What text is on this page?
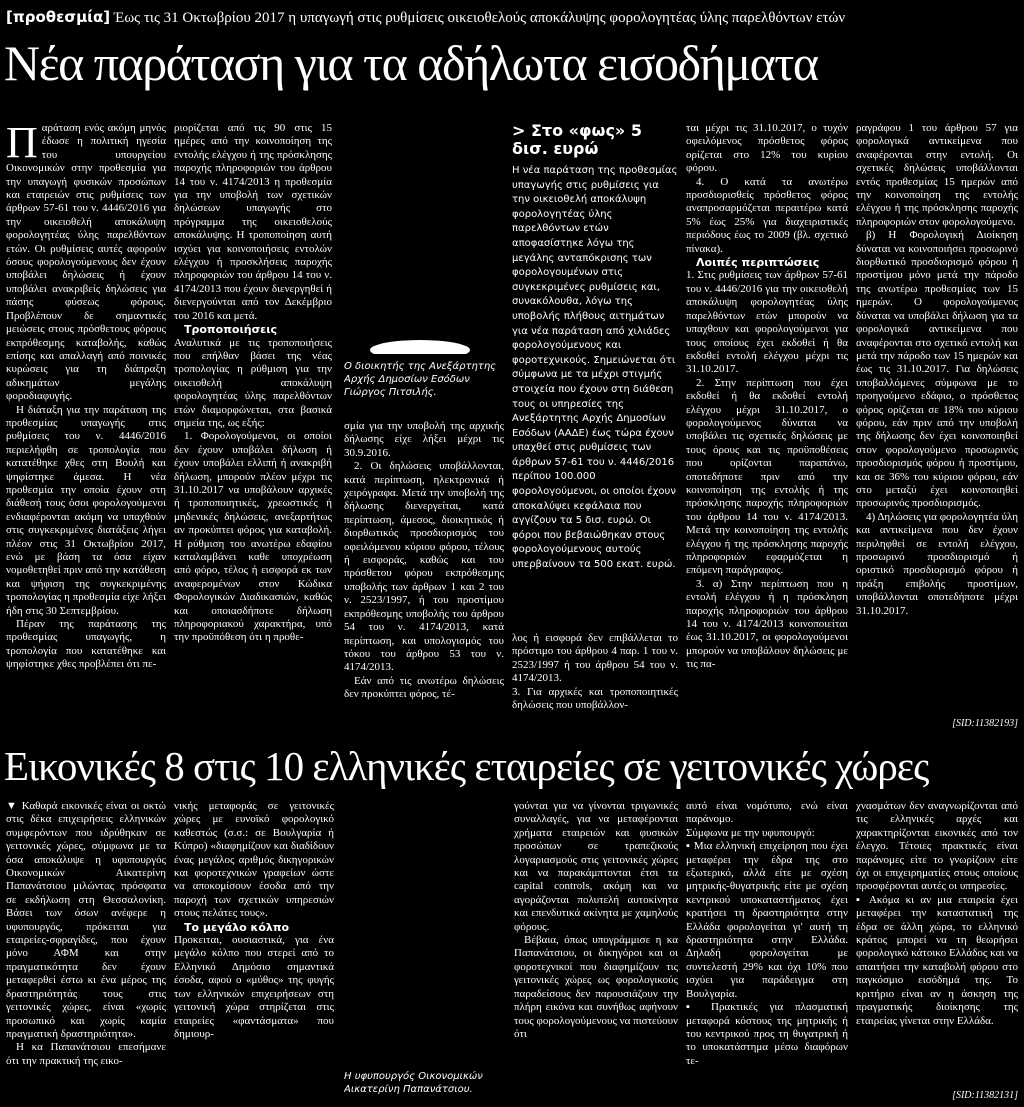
[προθεσμία] Έως τις 31 Οκτωβρίου 2017 η υπαγωγή στις ρυθμίσεις οικειοθελούς αποκάλυψης φορολογητέας ύλης παρελθόντων ετών
Νέα παράταση για τα αδήλωτα εισοδήματα
Π αράταση ενός ακόμη μηνός έδωσε η πολιτική ηγεσία του υπουργείου Οικονομικών στην προθεσμία για την υπαγωγή φυσικών προσώπων και εταιρειών στις ρυθμίσεις των άρθρων 57-61 του ν. 4446/2016 για την οικειοθελή αποκάλυψη φορολογητέας ύλης παρελθόντων ετών. Οι ρυθμίσεις αυτές αφορούν όσους φορολογούμενους δεν έχουν υποβάλει δηλώσεις ή έχουν υποβάλει ανακριβείς δηλώσεις για πάσης φύσεως φόρους. Προβλέπουν δε σημαντικές μειώσεις στους πρόσθετους φόρους εκπρόθεσμης καταβολής, καθώς επίσης και απαλλαγή από ποινικές κυρώσεις για τη διάπραξη αδικημάτων μεγάλης φοροδιαφυγής.

Η διάταξη για την παράταση της προθεσμίας υπαγωγής στις ρυθμίσεις του ν. 4446/2016 περιελήφθη σε τροπολογία που κατατέθηκε χθες στη Βουλή και ψηφίστηκε άμεσα. Η νέα προθεσμία την οποία έχουν στη διάθεσή τους όσοι φορολογούμενοι ενδιαφέρονται ακόμη να υπαχθούν στις συγκεκριμένες διατάξεις λήγει πλέον στις 31 Οκτωβρίου 2017, ενώ με βάση τα όσα είχαν νομοθετηθεί πριν από την κατάθεση και ψήφιση της συγκεκριμένης τροπολογίας η προθεσμία είχε λήξει ήδη στις 30 Σεπτεμβρίου.

Πέραν της παράτασης της προθεσμίας υπαγωγής, η τροπολογία που κατατέθηκε και ψηφίστηκε χθες προβλέπει ότι πε-

ριορίζεται από τις 90 στις 15 ημέρες από την κοινοποίηση της εντολής ελέγχου ή της πρόσκλησης παροχής πληροφοριών του άρθρου 14 του ν. 4174/2013 η προθεσμία για την υποβολή των σχετικών δηλώσεων υπαγωγής στο πρόγραμμα της οικειοθελούς αποκάλυψης. Η τροποποίηση αυτή ισχύει για κοινοποιήσεις εντολών ελέγχου ή προσκλήσεις παροχής πληροφοριών του άρθρου 14 του ν. 4174/2013 που έχουν διενεργηθεί ή διενεργούνται από τον Δεκέμβριο του 2016 και μετά.

Τροποποιήσεις

Αναλυτικά με τις τροποποιήσεις που επήλθαν βάσει της νέας τροπολογίας η ρύθμιση για την οικειοθελή αποκάλυψη φορολογητέας ύλης παρελθόντων ετών διαμορφώνεται, στα βασικά σημεία της, ως εξής:

1. Φορολογούμενοι, οι οποίοι δεν έχουν υποβάλει δήλωση ή έχουν υποβάλει ελλιπή ή ανακριβή δήλωση, μπορούν πλέον μέχρι τις 31.10.2017 να υποβάλουν αρχικές ή τροποποιητικές, χρεωστικές ή μηδενικές δηλώσεις, ανεξαρτήτως αν προκύπτει φόρος για καταβολή. Η ρύθμιση του ανωτέρω εδαφίου καταλαμβάνει καθε υποχρέωση από φόρο, τέλος ή εισφορά εκ των αναφερομένων στον Κώδικα Φορολογικών Διαδικασιών, καθώς και οποιασδήποτε δήλωση πληροφοριακού χαρακτήρα, υπό την προϋπόθεση ότι η προθε-

Ο διοικητής της Ανεξάρτητης Αρχής Δημοσίων Εσόδων Γιώργος Πιτσιλής.

σμία για την υποβολή της αρχικής δήλωσης είχε λήξει μέχρι τις 30.9.2016.

2. Οι δηλώσεις υποβάλλονται, κατά περίπτωση, ηλεκτρονικά ή χειρόγραφα. Μετά την υποβολή της δήλωσης διενεργείται, κατά περίπτωση, άμεσος, διοικητικός ή διορθωτικός προσδιορισμός του οφειλόμενου κύριου φόρου, τέλους ή εισφοράς, καθώς και του πρόσθετου φόρου εκπρόθεσμης υποβολής των άρθρων 1 και 2 του ν. 2523/1997, ή του προστίμου εκπρόθεσμης υποβολής του άρθρου 54 του ν. 4174/2013, κατά περίπτωση, και υπολογισμός του τόκου του άρθρου 53 του ν. 4174/2013.

Εάν από τις ανωτέρω δηλώσεις δεν προκύπτει φόρος, τέ-

> Στο «φως» 5 δισ. ευρώ

Η νέα παράταση της προθεσμίας υπαγωγής στις ρυθμίσεις για την οικειοθελή αποκάλυψη φορολογητέας ύλης παρελθόντων ετών αποφασίστηκε λόγω της μεγάλης ανταπόκρισης των φορολογουμένων στις συγκεκριμένες ρυθμίσεις και, συνακόλουθα, λόγω της υποβολής πλήθους αιτημάτων για νέα παράταση από χιλιάδες φορολογούμενους και φοροτεχνικούς. Σημειώνεται ότι σύμφωνα με τα μέχρι στιγμής στοιχεία που έχουν στη διάθεση τους οι υπηρεσίες της Ανεξάρτητης Αρχής Δημοσίων Εσόδων (ΑΑΔΕ) έως τώρα έχουν υπαχθεί στις ρυθμίσεις των άρθρων 57-61 του ν. 4446/2016 περίπου 100.000 φορολογούμενοι, οι οποίοι έχουν αποκαλύψει κεφάλαια που αγγίζουν τα 5 δισ. ευρώ. Οι φόροι που βεβαιώθηκαν στους φορολογούμενους αυτούς υπερβαίνουν τα 500 εκατ. ευρώ.

λος ή εισφορά δεν επιβάλλεται το πρόστιμο του άρθρου 4 παρ. 1 του ν. 2523/1997 ή του άρθρου 54 του ν. 4174/2013.
3. Για αρχικές και τροποποιητικές δηλώσεις που υποβάλλον-

ται μέχρι τις 31.10.2017, ο τυχόν οφειλόμενος πρόσθετος φόρος ορίζεται στο 12% του κυρίου φόρου.

4. Ο κατά τα ανωτέρω προσδιορισθείς πρόσθετος φόρος αναπροσαρμόζεται περαιτέρω κατά 5% έως 25% για διαχειριστικές περιόδους έως το 2009 (βλ. σχετικό πίνακα).

Λοιπές περιπτώσεις

1. Στις ρυθμίσεις των άρθρων 57-61 του ν. 4446/2016 για την οικειοθελή αποκάλυψη φορολογητέας ύλης παρελθόντων ετών μπορούν να υπαχθουν και φορολογούμενοι για τους οποίους έχει εκδοθεί ή θα εκδοθεί εντολή ελέγχου μέχρι τις 31.10.2017.

2. Στην περίπτωση που έχει εκδοθεί ή θα εκδοθεί εντολή ελέγχου μέχρι 31.10.2017, ο φορολογούμενος δύναται να υποβάλει τις σχετικές δηλώσεις με τους όρους και τις προϋποθέσεις που ορίζονται παραπάνω, οποτεδήποτε πριν από την κοινοποίηση της εντολής ή της πρόσκλησης παροχής πληροφοριών του άρθρου 14 του ν. 4174/2013. Μετά την κοινοποίηση της εντολής ελέγχου ή της πρόσκλησης παροχής πληροφοριών εφαρμόζεται η επόμενη παράγραφος.

3. α) Στην περίπτωση που η εντολή ελέγχου ή η πρόσκληση παροχής πληροφοριών του άρθρου 14 του ν. 4174/2013 κοινοποιείται έως 31.10.2017, οι φορολογούμενοι μπορούν να υποβάλουν δηλώσεις με τις πα-

ραγράφου 1 του άρθρου 57 για φορολογικά αντικείμενα που αναφέρονται στην εντολή. Οι σχετικές δηλώσεις υποβάλλονται εντός προθεσμίας 15 ημερών από την κοινοποίηση της εντολής ελέγχου ή της πρόσκλησης παροχής πληροφοριών στον φορολογούμενο.

β) Η Φορολογική Διοίκηση δύναται να κοινοποιήσει προσωρινό διορθωτικό προσδιορισμό φόρου ή προστίμου μόνο μετά την πάροδο της ανωτέρω προθεσμίας των 15 ημερών. Ο φορολογούμενος δύναται να υποβάλει δήλωση για τα φορολογικά αντικείμενα που αναφέρονται στο σχετικό εντολή και μετά την πάροδο των 15 ημερών και έως τις 31.10.2017. Για δηλώσεις υποβαλλόμενες σύμφωνα με το προηγούμενο εδάφιο, ο πρόσθετος φόρος ορίζεται σε 18% του κύριου φόρου, εάν πριν από την υποβολή της δήλωσης δεν έχει κοινοποιηθεί στον φορολογούμενο προσωρινός προσδιορισμός φόρου ή προστίμου, και σε 36% του κύριου φόρου, εάν στο μεταξύ έχει κοινοποιηθεί προσωρινός προσδιορισμός.

4) Δηλώσεις για φορολογητέα ύλη και αντικείμενα που δεν έχουν περιληφθεί σε εντολή ελέγχου, προσωρινό προσδιορισμό ή οριστικό προσδιορισμό φόρου ή πράξη επιβολής προστίμων, υποβάλλονται οποτεδήποτε μέχρι 31.10.2017.

[SID:11382193]
Εικονικές 8 στις 10 ελληνικές εταιρείες σε γειτονικές χώρες

▼ Καθαρά εικονικές είναι οι οκτώ στις δέκα επιχειρήσεις ελληνικών συμφερόντων που ιδρύθηκαν σε γειτονικές χώρες, σύμφωνα με τα όσα αποκάλυψε η υφυπουργός Οικονομικών Αικατερίνη Παπανάτσιου μιλώντας πρόσφατα σε εκδήλωση στη Θεσσαλονίκη. Βάσει των όσων ανέφερε η υφυπουργός, πρόκειται για εταιρείες-σφραγίδες, που έχουν μόνο ΑΦΜ και στην πραγματικότητα δεν έχουν μεταφερθεί έστω κι ένα μέρος της δραστηριότητάς τους στις γειτονικές χώρες, είναι «χωρίς προσωπικό και χωρίς καμία πραγματική δραστηριότητα».

Η κα Παπανάτσιου επεσήμανε ότι την πρακτική της εικο-

νικής μεταφοράς σε γειτονικές χώρες με ευνοϊκό φορολογικό καθεστώς (σ.σ.: σε Βουλγαρία ή Κύπρο) «διαφημίζουν και διαδίδουν ένας μεγάλος αριθμός δικηγορικών και φοροτεχνικών γραφείων ώστε να αποκομίσουν έσοδα από την παροχή των σχετικών υπηρεσιών στους πελάτες τους».

Το μεγάλο κόλπο

Προκειται, ουσιαστικά, για ένα μεγάλο κόλπο που στερεί από το Ελληνικό Δημόσιο σημαντικά έσοδα, αφού ο «μύθος» της φυγής των ελληνικών επιχειρήσεων στη γειτονική χώρα στηρίζεται στις εταιρείες «φαντάσματα» που δημιουρ-

Η υφυπουργός Οικονομικών Αικατερίνη Παπανάτσιου.

γούνται για να γίνονται τριγωνικές συναλλαγές, για να μεταφέρονται χρήματα εταιρειών και φυσικών προσώπων σε τραπεζικούς λογαριασμούς στις γειτονικές χώρες και να παρακάμπτονται έτσι τα capital controls, ακόμη και να αγοράζονται πολυτελή αυτοκίνητα και επενδυτικά ακίνητα με χαμηλούς φόρους.

Βέβαια, όπως υπογράμμισε η κα Παπανάτσιου, οι δικηγόροι και οι φοροτεχνικοί που διαφημίζουν τις γειτονικές χώρες ως φορολογικούς παραδείσους δεν παρουσιάζουν την πλήρη εικόνα και συνήθως αφήνουν τους φορολογούμενους να πιστεύουν ότι

αυτό είναι νομότυπο, ενώ είναι παράνομο.

Σύμφωνα με την υφυπουργό:

▪ Μια ελληνική επιχείρηση που έχει μεταφέρει την έδρα της στο εξωτερικό, αλλά είτε με σχέση μητρικής-θυγατρικής είτε με σχέση κεντρικού υποκαταστήματος έχει κρατήσει τη δραστηριότητα στην Ελλάδα φορολογείται γι' αυτή τη δραστηριότητα στην Ελλάδα. Δηλαδή φορολογείται με συντελεστή 29% και όχι 10% που ισχύει για παράδειγμα στη Βουλγαρία.

▪ Πρακτικές για πλασματική μεταφορά κόστους της μητρικής ή του κεντρικού προς τη θυγατρική ή το υποκατάστημα μέσω διαφόρων τε-

χνασμάτων δεν αναγνωρίζονται από τις ελληνικές αρχές και χαρακτηρίζονται εικονικές από τον έλεγχο. Τέτοιες πρακτικές είναι παράνομες είτε το γνωρίζουν είτε όχι οι επιχειρηματίες στους οποίους προσφέρονται αυτές οι υπηρεσίες.

▪ Ακόμα κι αν μια εταιρεία έχει μεταφέρει την καταστατική της έδρα σε άλλη χώρα, το ελληνικό κράτος μπορεί να τη θεωρήσει φορολογικό κάτοικο Ελλάδος και να απαιτήσει την καταβολή φόρου στο παγκόσμιο εισόδημά της. Το κριτήριο είναι αν η άσκηση της πραγματικής διοίκησης της εταιρείας γίνεται στην Ελλάδα.

[SID:11382131]
